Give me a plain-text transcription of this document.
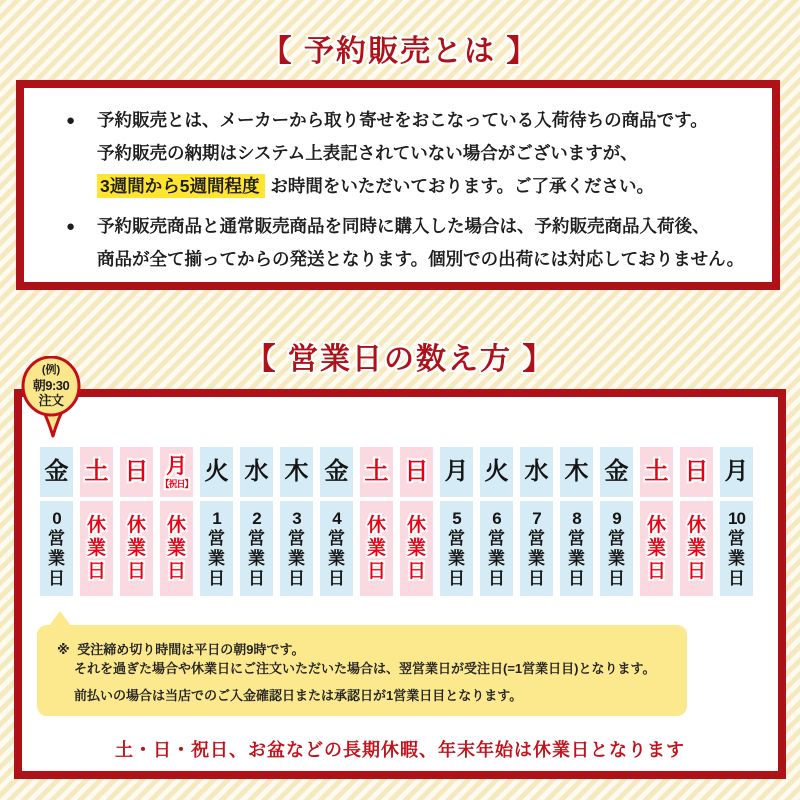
【 予約販売とは 】
● 予約販売とは、メーカーから取り寄せをおこなっている入荷待ちの商品です。
予約販売の納期はシステム上表記されていない場合がございますが、
3週間から5週間程度 お時間をいただいております。ご了承ください。
● 予約販売商品と通常販売商品を同時に購入した場合は、予約販売商品入荷後、
商品が全て揃ってからの発送となります。個別での出荷には対応しておりません。
【 営業日の数え方 】
(例)
朝9:30
注文
金
0
営
業
日
土
休
業
日
日
休
業
日
月
【祝日】
休
業
日
火
1
営
業
日
水
2
営
業
日
木
3
営
業
日
金
4
営
業
日
土
休
業
日
日
休
業
日
月
5
営
業
日
火
6
営
業
日
水
7
営
業
日
木
8
営
業
日
金
9
営
業
日
土
休
業
日
日
休
業
日
月
10
営
業
日
※ 受注締め切り時間は平日の朝9時です。
それを過ぎた場合や休業日にご注文いただいた場合は、翌営業日が受注日(=1営業日目)となります。
前払いの場合は当店でのご入金確認日または承認日が1営業日目となります。
土・日・祝日、お盆などの長期休暇、年末年始は休業日となります
